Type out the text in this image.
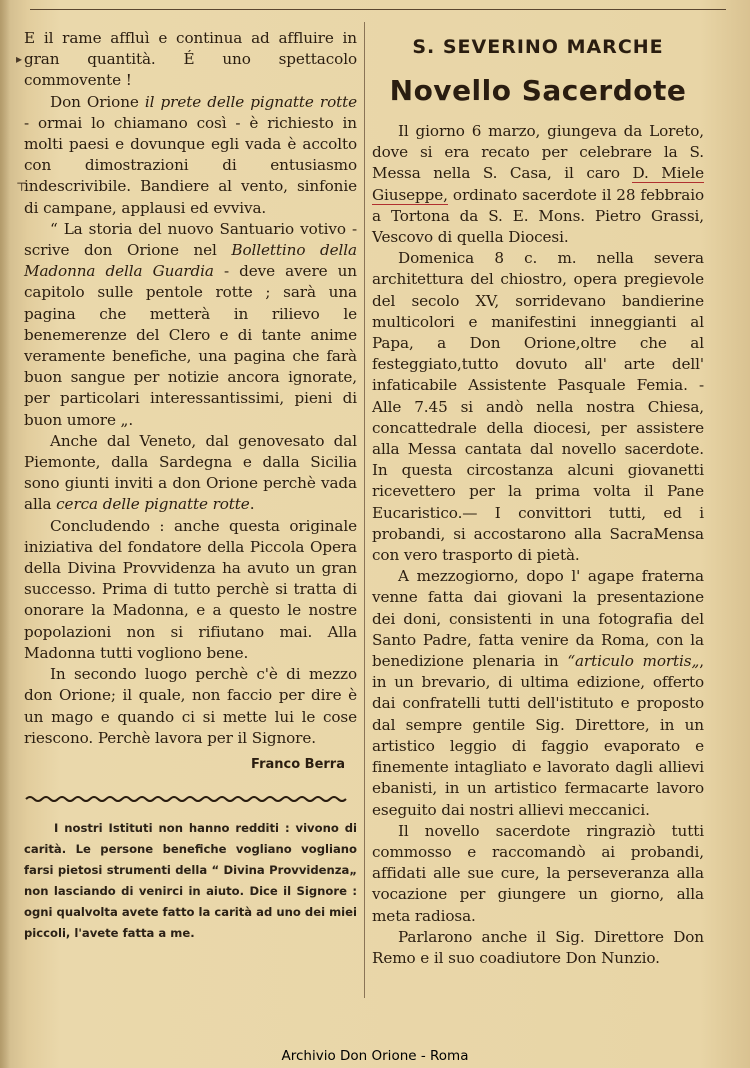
▸
⊤

E il rame affluì e continua ad affluire in gran quantità. É uno spettacolo commovente !

Don Orione il prete delle pignatte rotte - ormai lo chiamano così - è richiesto in molti paesi e dovunque egli vada è accolto con dimostrazioni di entusiasmo indescrivibile. Bandiere al vento, sinfonie di campane, applausi ed evviva.

“ La storia del nuovo Santuario votivo - scrive don Orione nel Bollettino della Madonna della Guardia - deve avere un capitolo sulle pentole rotte ; sarà una pagina che metterà in rilievo le benemerenze del Clero e di tante anime veramente benefiche, una pagina che farà buon sangue per notizie ancora ignorate, per particolari interessantissimi, pieni di buon umore „.

Anche dal Veneto, dal genovesato dal Piemonte, dalla Sardegna e dalla Sicilia sono giunti inviti a don Orione perchè vada alla cerca delle pignatte rotte.

Concludendo : anche questa originale iniziativa del fondatore della Piccola Opera della Divina Provvidenza ha avuto un gran successo. Prima di tutto perchè si tratta di onorare la Madonna, e a questo le nostre popolazioni non si rifiutano mai. Alla Madonna tutti vogliono bene.

In secondo luogo perchè c'è di mezzo don Orione; il quale, non faccio per dire è un mago e quando ci si mette lui le cose riescono. Perchè lavora per il Signore.

Franco Berra
I nostri Istituti non hanno redditi : vivono di carità. Le persone benefiche vogliano vogliano farsi pietosi strumenti della “ Divina Provvidenza„ non lasciando di venirci in aiuto. Dice il Signore : ogni qualvolta avete fatto la carità ad uno dei miei piccoli, l'avete fatta a me.
S. SEVERINO MARCHE
Novello Sacerdote

Il giorno 6 marzo, giungeva da Loreto, dove si era recato per celebrare la S. Messa nella S. Casa, il caro D. Miele Giuseppe, ordinato sacerdote il 28 febbraio a Tortona da S. E. Mons. Pietro Grassi, Vescovo di quella Diocesi.

Domenica 8 c. m. nella severa architettura del chiostro, opera pregievole del secolo XV, sorridevano bandierine multicolori e manifestini inneggianti al Papa, a Don Orione,oltre che al festeggiato,tutto dovuto all' arte dell' infaticabile Assistente Pasquale Femia. - Alle 7.45 si andò nella nostra Chiesa, concattedrale della diocesi, per assistere alla Messa cantata dal novello sacerdote. In questa circostanza alcuni giovanetti ricevettero per la prima volta il Pane Eucaristico.— I convittori tutti, ed i probandi, si accostarono alla SacraMensa con vero trasporto di pietà.

A mezzogiorno, dopo l' agape fraterna venne fatta dai giovani la presentazione dei doni, consistenti in una fotografia del Santo Padre, fatta venire da Roma, con la benedizione plenaria in “articulo mortis„, in un brevario, di ultima edizione, offerto dai confratelli tutti dell'istituto e proposto dal sempre gentile Sig. Direttore, in un artistico leggio di faggio evaporato e finemente intagliato e lavorato dagli allievi ebanisti, in un artistico fermacarte lavoro eseguito dai nostri allievi meccanici.

Il novello sacerdote ringraziò tutti commosso e raccomandò ai probandi, affidati alle sue cure, la perseveranza alla vocazione per giungere un giorno, alla meta radiosa.

Parlarono anche il Sig. Direttore Don Remo e il suo coadiutore Don Nunzio.

Archivio Don Orione - Roma
